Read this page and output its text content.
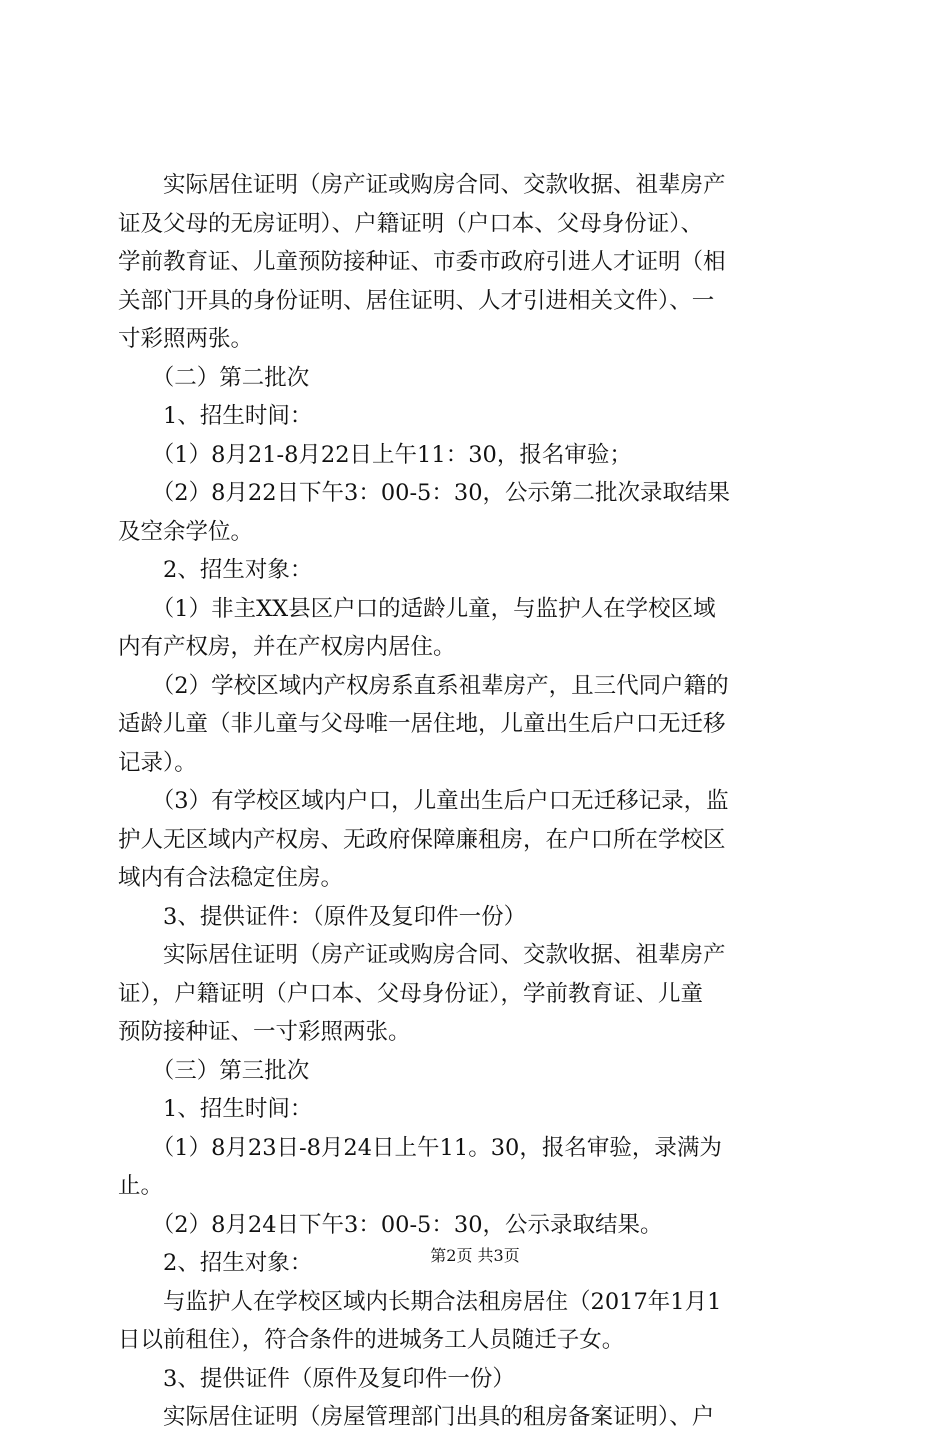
　　实际居住证明（房产证或购房合同、交款收据、祖辈房产
证及父母的无房证明）、户籍证明（户口本、父母身份证）、
学前教育证、儿童预防接种证、市委市政府引进人才证明（相
关部门开具的身份证明、居住证明、人才引进相关文件）、一
寸彩照两张。
　　（二）第二批次
　　1、招生时间：
　　（1）8月21-8月22日上午11：30，报名审验；
　　（2）8月22日下午3：00-5：30，公示第二批次录取结果
及空余学位。
　　2、招生对象：
　　（1）非主XX县区户口的适龄儿童，与监护人在学校区域
内有产权房，并在产权房内居住。
　　（2）学校区域内产权房系直系祖辈房产，且三代同户籍的
适龄儿童（非儿童与父母唯一居住地，儿童出生后户口无迁移
记录）。
　　（3）有学校区域内户口，儿童出生后户口无迁移记录，监
护人无区域内产权房、无政府保障廉租房，在户口所在学校区
域内有合法稳定住房。
　　3、提供证件：（原件及复印件一份）
　　实际居住证明（房产证或购房合同、交款收据、祖辈房产
证），户籍证明（户口本、父母身份证），学前教育证、儿童
预防接种证、一寸彩照两张。
　　（三）第三批次
　　1、招生时间：
　　（1）8月23日-8月24日上午11。30，报名审验，录满为
止。
　　（2）8月24日下午3：00-5：30，公示录取结果。
　　2、招生对象：
　　与监护人在学校区域内长期合法租房居住（2017年1月1
日以前租住），符合条件的进城务工人员随迁子女。
　　3、提供证件（原件及复印件一份）
　　实际居住证明（房屋管理部门出具的租房备案证明）、户
第2页 共3页
